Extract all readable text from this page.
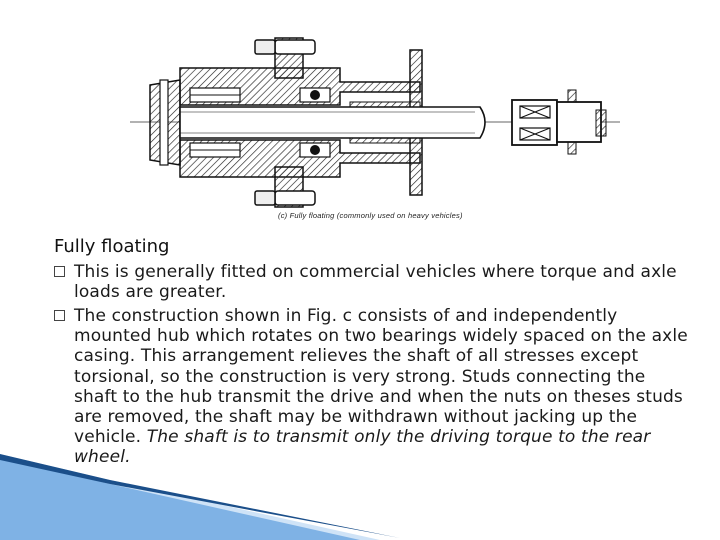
(c) Fully floating (commonly used on heavy vehicles)
Fully floating
This is generally fitted on commercial vehicles where torque and axle loads are greater.
The construction shown in Fig. c consists of and independently mounted hub which rotates on two bearings widely spaced on the axle casing. This arrangement relieves the shaft of all stresses except torsional, so the construction is very strong. Studs connecting the shaft to the hub transmit the drive and when the nuts on theses studs are removed, the shaft may be withdrawn without jacking up the vehicle. The shaft is to transmit only the driving torque to the rear wheel.
